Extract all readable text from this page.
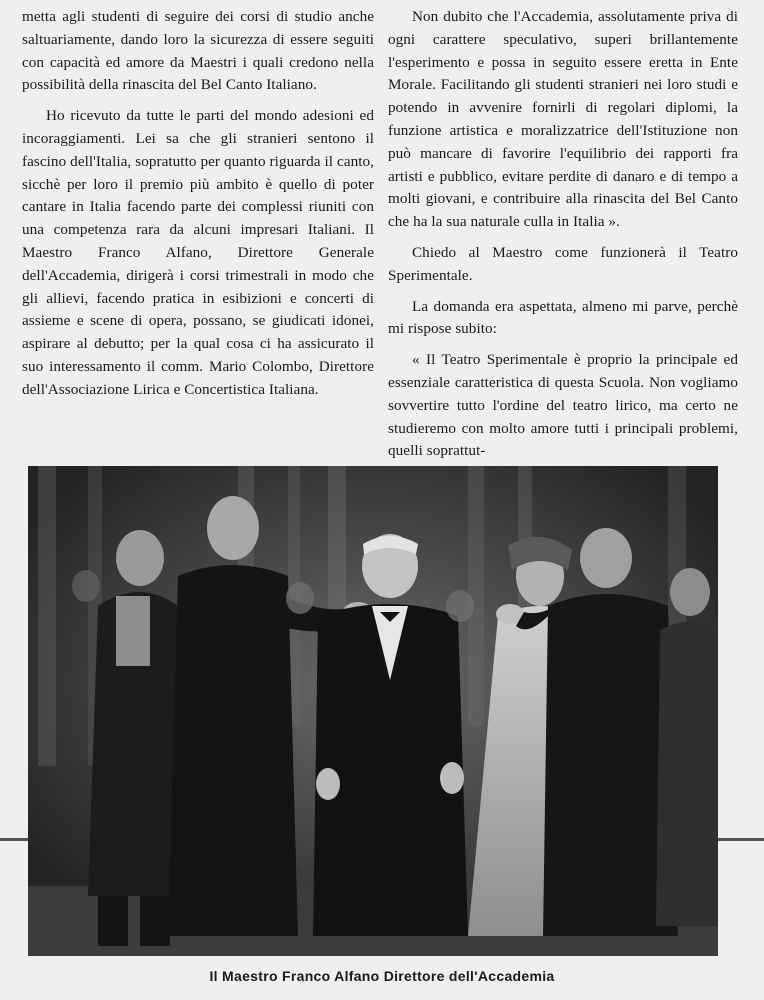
metta agli studenti di seguire dei corsi di studio anche saltuariamente, dando loro la sicurezza di essere seguiti con capacità ed amore da Maestri i quali credono nella possibilità della rinascita del Bel Canto Italiano.

Ho ricevuto da tutte le parti del mondo adesioni ed incoraggiamenti. Lei sa che gli stranieri sentono il fascino dell'Italia, sopratutto per quanto riguarda il canto, sicchè per loro il premio più ambito è quello di poter cantare in Italia facendo parte dei complessi riuniti con una competenza rara da alcuni impresari Italiani. Il Maestro Franco Alfano, Direttore Generale dell'Accademia, dirigerà i corsi trimestrali in modo che gli allievi, facendo pratica in esibizioni e concerti di assieme e scene di opera, possano, se giudicati idonei, aspirare al debutto; per la qual cosa ci ha assicurato il suo interessamento il comm. Mario Colombo, Direttore dell'Associazione Lirica e Concertistica Italiana.

Non dubito che l'Accademia, assolutamente priva di ogni carattere speculativo, superi brillantemente l'esperimento e possa in seguito essere eretta in Ente Morale. Facilitando gli studenti stranieri nei loro studi e potendo in avvenire fornirli di regolari diplomi, la funzione artistica e moralizzatrice dell'Istituzione non può mancare di favorire l'equilibrio dei rapporti fra artisti e pubblico, evitare perdite di danaro e di tempo a molti giovani, e contribuire alla rinascita del Bel Canto che ha la sua naturale culla in Italia ».

Chiedo al Maestro come funzionerà il Teatro Sperimentale.

La domanda era aspettata, almeno mi parve, perchè mi rispose subito:

« Il Teatro Sperimentale è proprio la principale ed essenziale caratteristica di questa Scuola. Non vogliamo sovvertire tutto l'ordine del teatro lirico, ma certo ne studieremo con molto amore tutti i principali problemi, quelli soprattut-

Il Maestro Franco Alfano Direttore dell'Accademia
